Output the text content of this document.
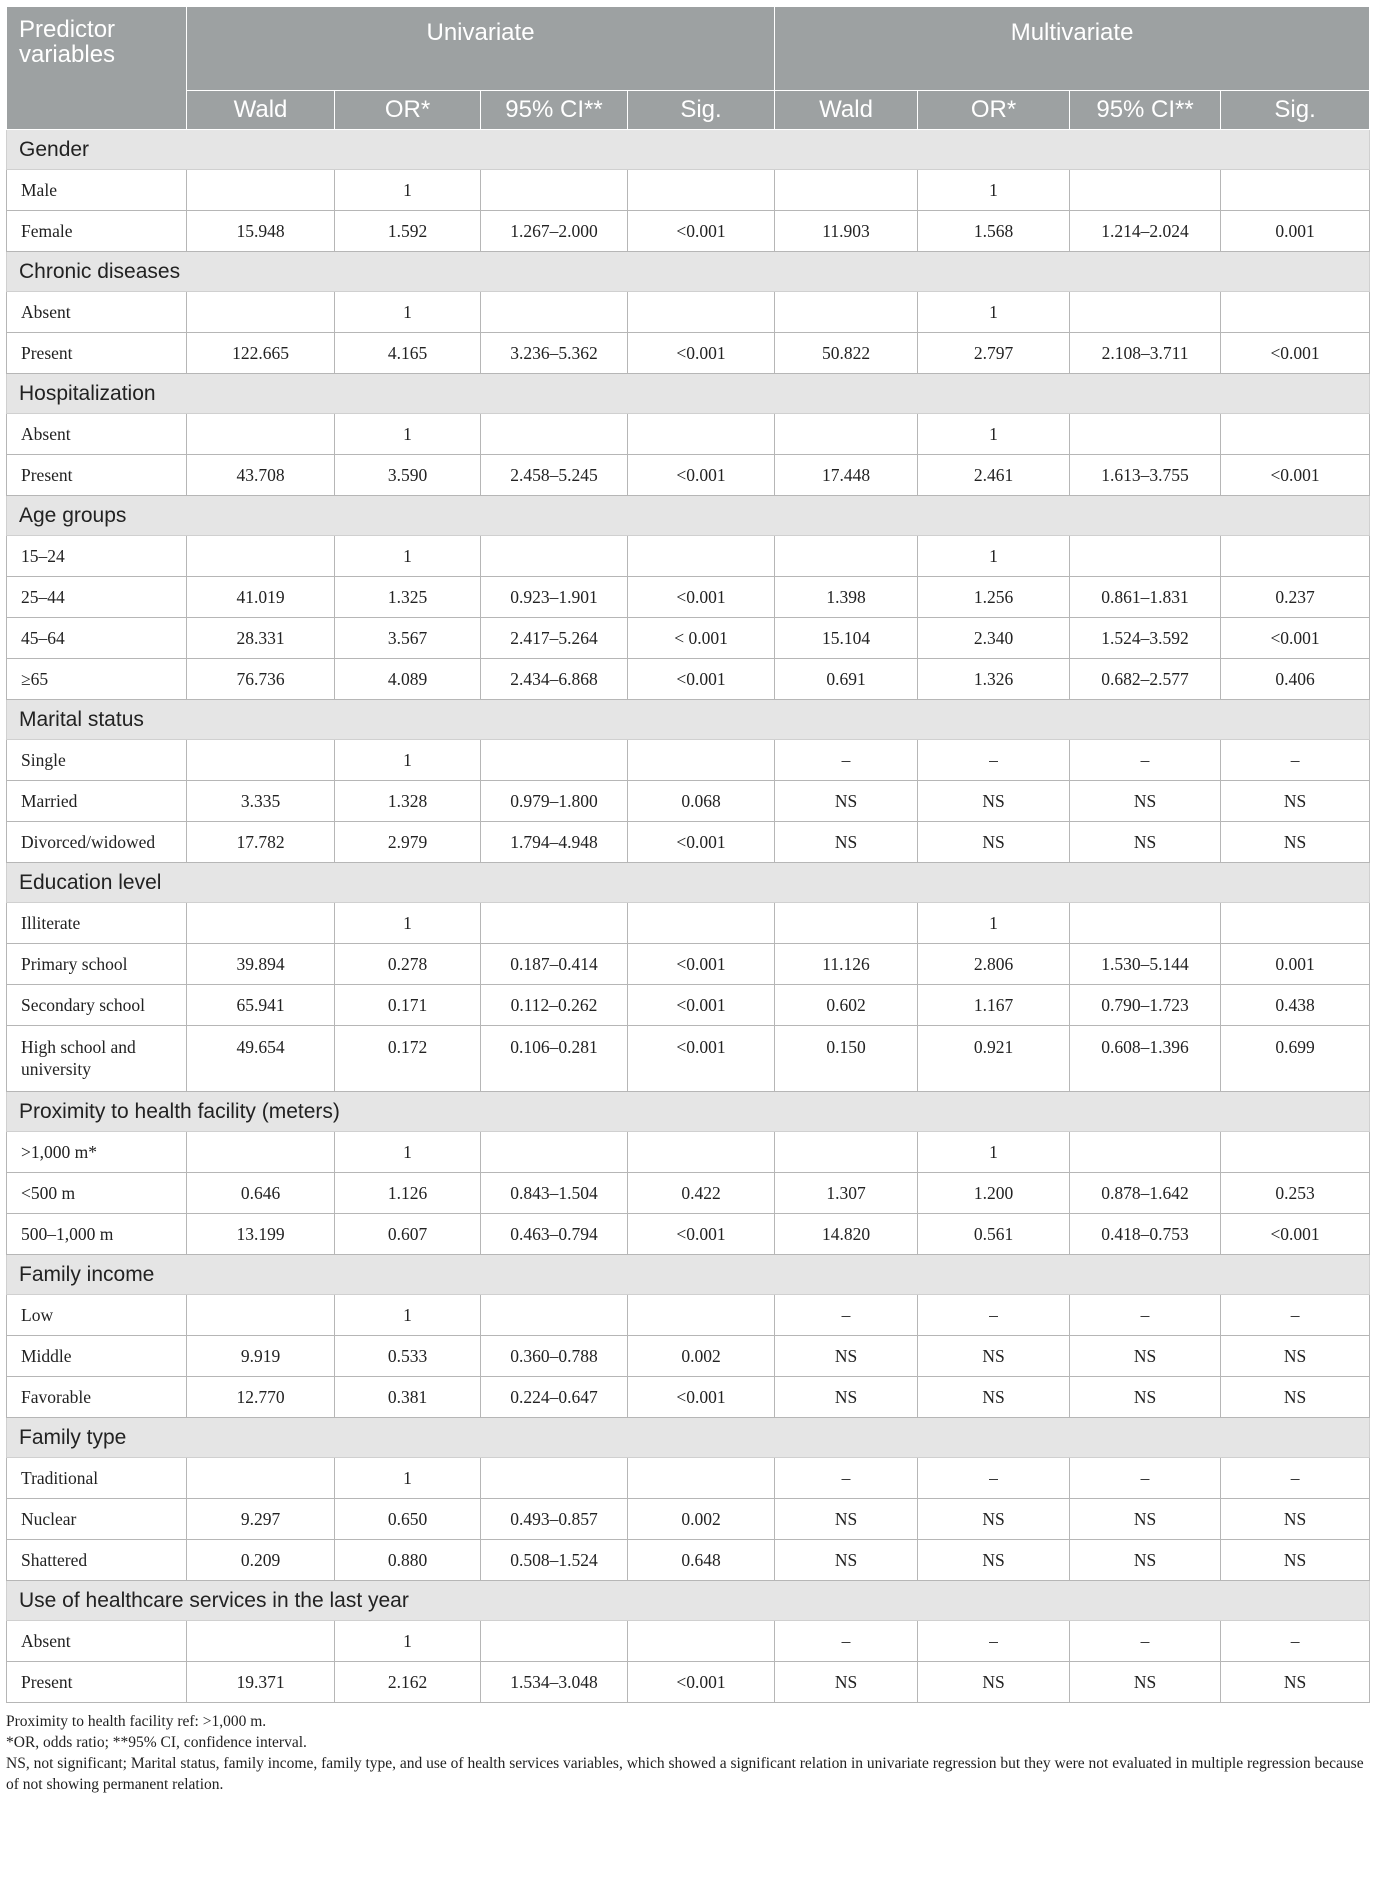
Predictor variables	Univariate				Multivariate			
	Wald	OR*	95% CI**	Sig.	Wald	OR*	95% CI**	Sig.
Gender								
Male		1				1		
Female	15.948	1.592	1.267–2.000	<0.001	11.903	1.568	1.214–2.024	0.001
Chronic diseases								
Absent		1				1		
Present	122.665	4.165	3.236–5.362	<0.001	50.822	2.797	2.108–3.711	<0.001
Hospitalization								
Absent		1				1		
Present	43.708	3.590	2.458–5.245	<0.001	17.448	2.461	1.613–3.755	<0.001
Age groups								
15–24		1				1		
25–44	41.019	1.325	0.923–1.901	<0.001	1.398	1.256	0.861–1.831	0.237
45–64	28.331	3.567	2.417–5.264	< 0.001	15.104	2.340	1.524–3.592	<0.001
≥65	76.736	4.089	2.434–6.868	<0.001	0.691	1.326	0.682–2.577	0.406
Marital status								
Single		1			–	–	–	–
Married	3.335	1.328	0.979–1.800	0.068	NS	NS	NS	NS
Divorced/widowed	17.782	2.979	1.794–4.948	<0.001	NS	NS	NS	NS
Education level								
Illiterate		1				1		
Primary school	39.894	0.278	0.187–0.414	<0.001	11.126	2.806	1.530–5.144	0.001
Secondary school	65.941	0.171	0.112–0.262	<0.001	0.602	1.167	0.790–1.723	0.438
High school and university	49.654	0.172	0.106–0.281	<0.001	0.150	0.921	0.608–1.396	0.699
Proximity to health facility (meters)								
>1,000 m*		1				1		
<500 m	0.646	1.126	0.843–1.504	0.422	1.307	1.200	0.878–1.642	0.253
500–1,000 m	13.199	0.607	0.463–0.794	<0.001	14.820	0.561	0.418–0.753	<0.001
Family income								
Low		1			–	–	–	–
Middle	9.919	0.533	0.360–0.788	0.002	NS	NS	NS	NS
Favorable	12.770	0.381	0.224–0.647	<0.001	NS	NS	NS	NS
Family type								
Traditional		1			–	–	–	–
Nuclear	9.297	0.650	0.493–0.857	0.002	NS	NS	NS	NS
Shattered	0.209	0.880	0.508–1.524	0.648	NS	NS	NS	NS
Use of healthcare services in the last year								
Absent		1			–	–	–	–
Present	19.371	2.162	1.534–3.048	<0.001	NS	NS	NS	NS

Proximity to health facility ref: >1,000 m.

*OR, odds ratio; **95% CI, confidence interval.

NS, not significant; Marital status, family income, family type, and use of health services variables, which showed a significant relation in univariate regression but they were not evaluated in multiple regression because of not showing permanent relation.
